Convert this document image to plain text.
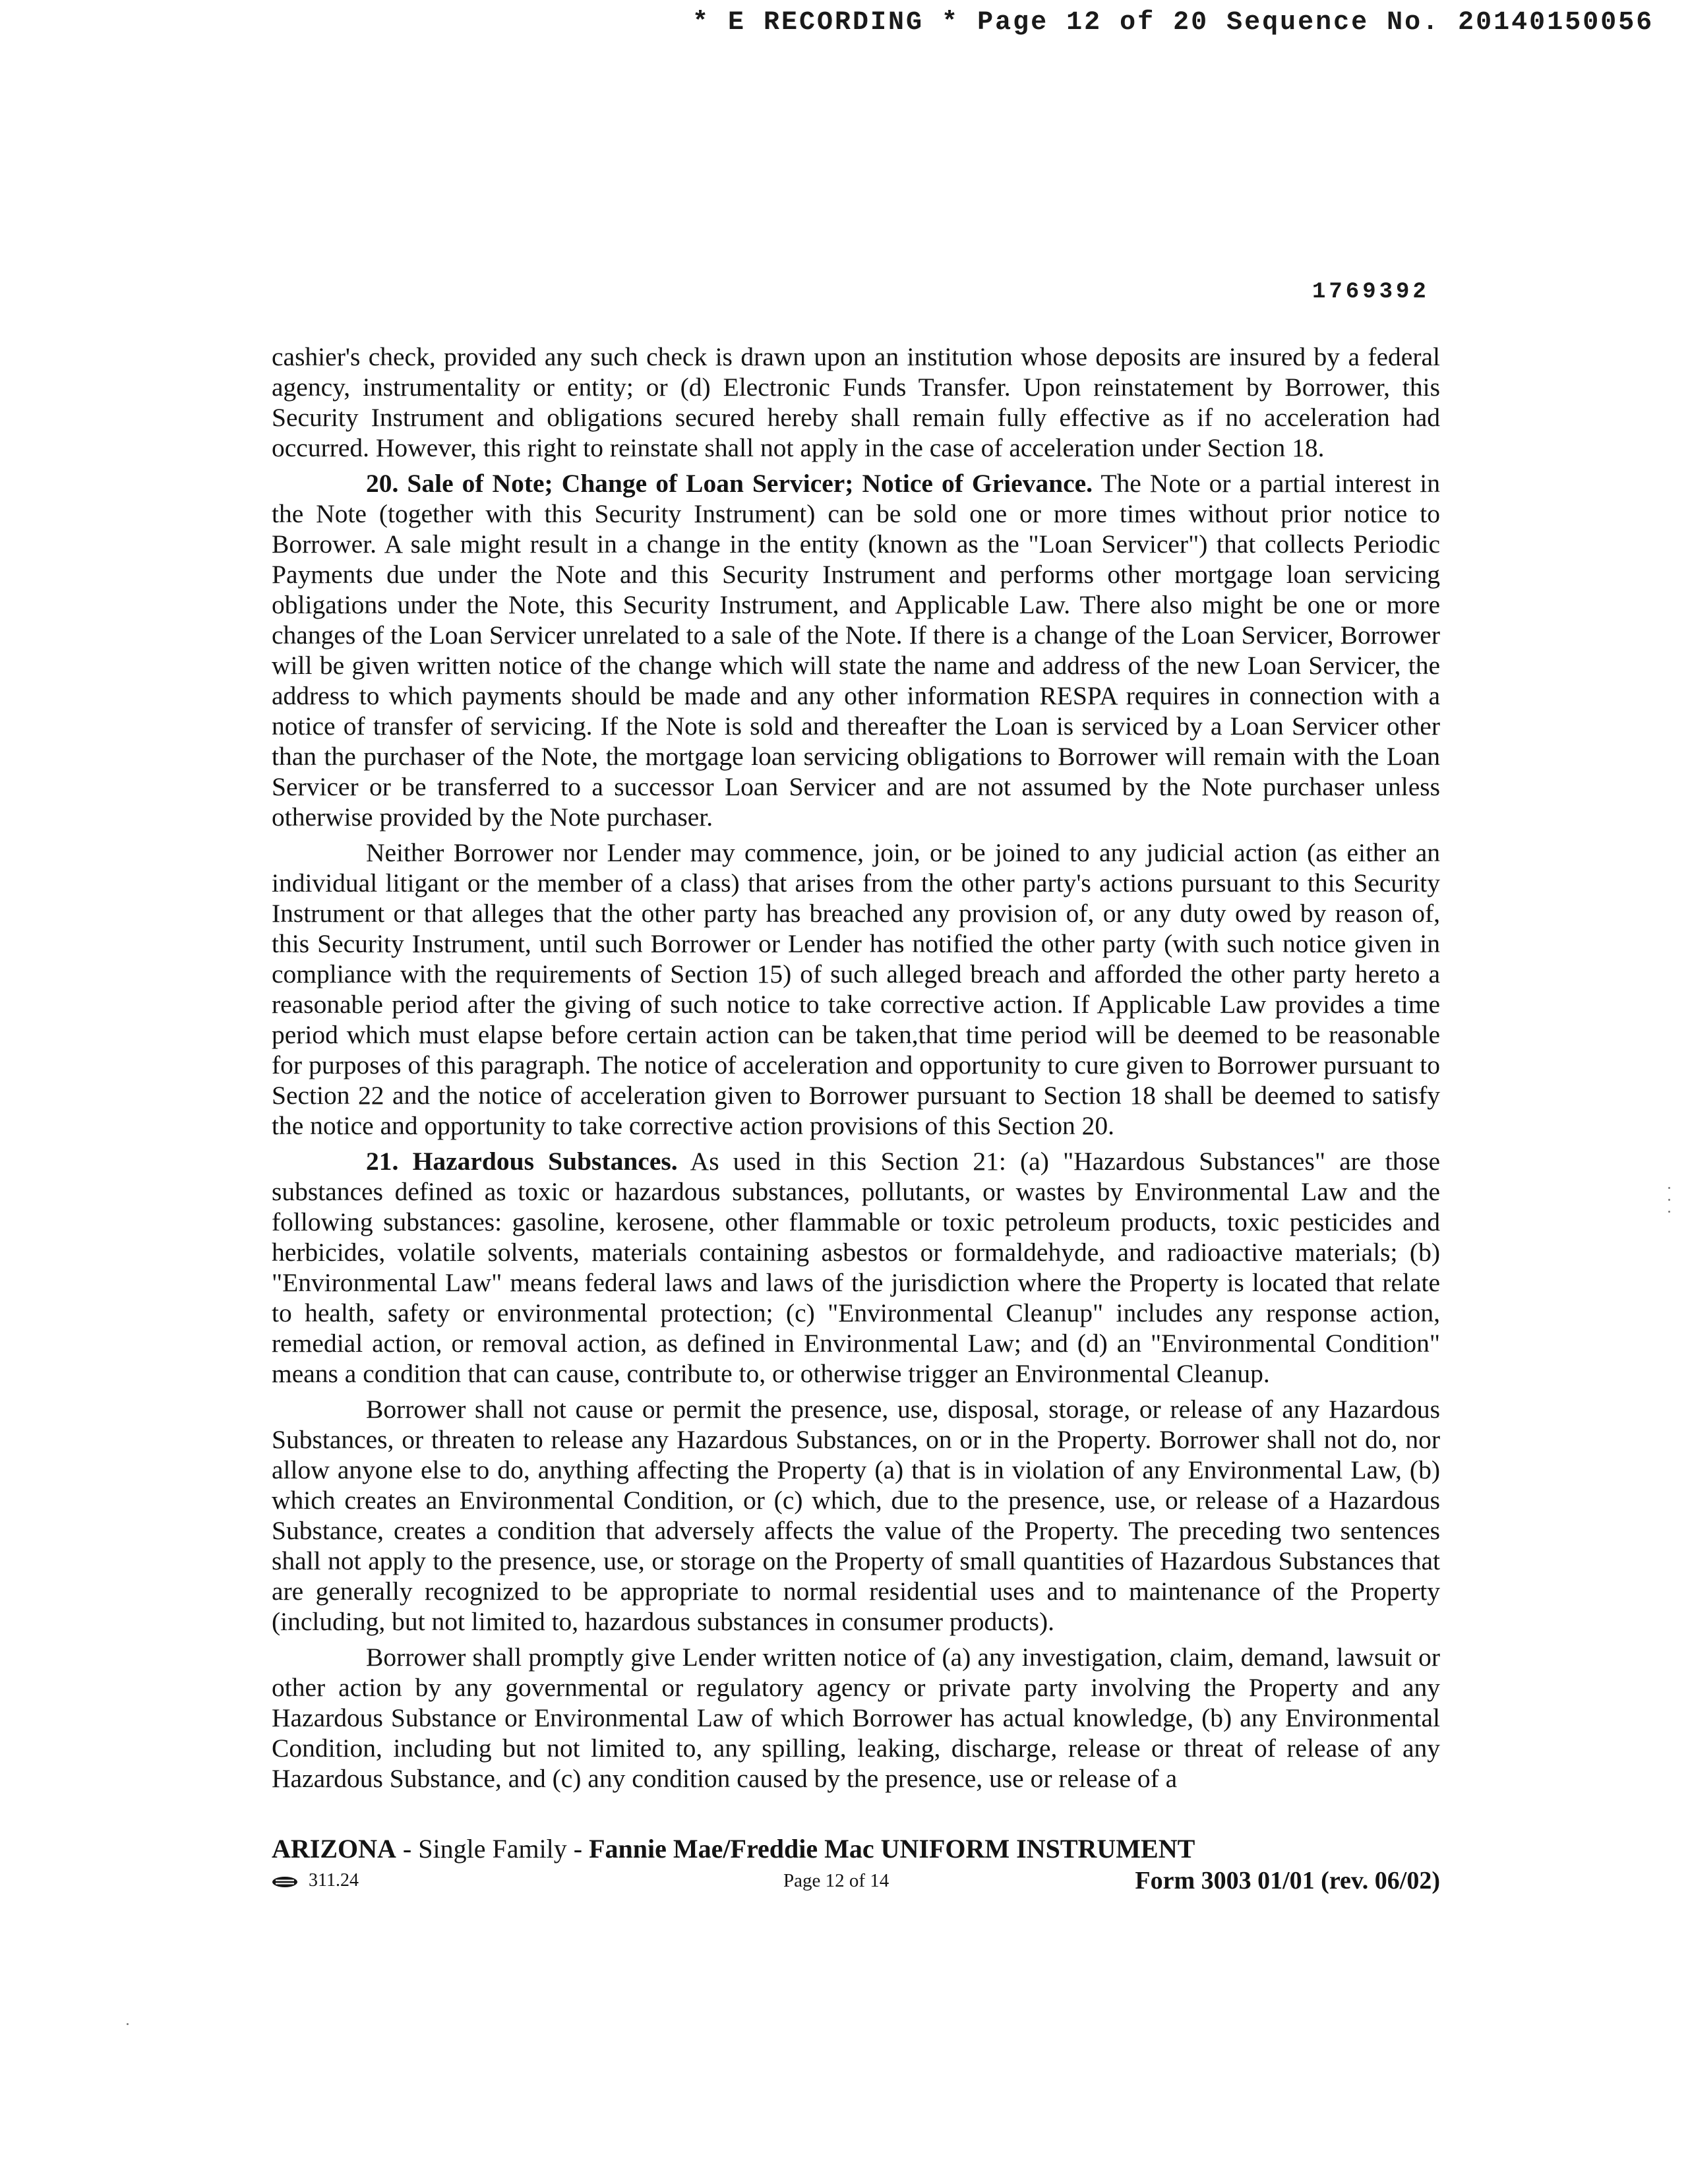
* E RECORDING * Page 12 of 20 Sequence No. 20140150056
1769392

cashier's check, provided any such check is drawn upon an institution whose deposits are insured by a federal agency, instrumentality or entity; or (d) Electronic Funds Transfer. Upon reinstatement by Borrower, this Security Instrument and obligations secured hereby shall remain fully effective as if no acceleration had occurred. However, this right to reinstate shall not apply in the case of acceleration under Section 18.

20. Sale of Note; Change of Loan Servicer; Notice of Grievance. The Note or a partial interest in the Note (together with this Security Instrument) can be sold one or more times without prior notice to Borrower. A sale might result in a change in the entity (known as the "Loan Servicer") that collects Periodic Payments due under the Note and this Security Instrument and performs other mortgage loan servicing obligations under the Note, this Security Instrument, and Applicable Law. There also might be one or more changes of the Loan Servicer unrelated to a sale of the Note. If there is a change of the Loan Servicer, Borrower will be given written notice of the change which will state the name and address of the new Loan Servicer, the address to which payments should be made and any other information RESPA requires in connection with a notice of transfer of servicing. If the Note is sold and thereafter the Loan is serviced by a Loan Servicer other than the purchaser of the Note, the mortgage loan servicing obligations to Borrower will remain with the Loan Servicer or be transferred to a successor Loan Servicer and are not assumed by the Note purchaser unless otherwise provided by the Note purchaser.

Neither Borrower nor Lender may commence, join, or be joined to any judicial action (as either an individual litigant or the member of a class) that arises from the other party's actions pursuant to this Security Instrument or that alleges that the other party has breached any provision of, or any duty owed by reason of, this Security Instrument, until such Borrower or Lender has notified the other party (with such notice given in compliance with the requirements of Section 15) of such alleged breach and afforded the other party hereto a reasonable period after the giving of such notice to take corrective action. If Applicable Law provides a time period which must elapse before certain action can be taken,that time period will be deemed to be reasonable for purposes of this paragraph. The notice of acceleration and opportunity to cure given to Borrower pursuant to Section 22 and the notice of acceleration given to Borrower pursuant to Section 18 shall be deemed to satisfy the notice and opportunity to take corrective action provisions of this Section 20.

21. Hazardous Substances. As used in this Section 21: (a) "Hazardous Substances" are those substances defined as toxic or hazardous substances, pollutants, or wastes by Environmental Law and the following substances: gasoline, kerosene, other flammable or toxic petroleum products, toxic pesticides and herbicides, volatile solvents, materials containing asbestos or formaldehyde, and radioactive materials; (b) "Environmental Law" means federal laws and laws of the jurisdiction where the Property is located that relate to health, safety or environmental protection; (c) "Environmental Cleanup" includes any response action, remedial action, or removal action, as defined in Environmental Law; and (d) an "Environmental Condition" means a condition that can cause, contribute to, or otherwise trigger an Environmental Cleanup.

Borrower shall not cause or permit the presence, use, disposal, storage, or release of any Hazardous Substances, or threaten to release any Hazardous Substances, on or in the Property. Borrower shall not do, nor allow anyone else to do, anything affecting the Property (a) that is in violation of any Environmental Law, (b) which creates an Environmental Condition, or (c) which, due to the presence, use, or release of a Hazardous Substance, creates a condition that adversely affects the value of the Property. The preceding two sentences shall not apply to the presence, use, or storage on the Property of small quantities of Hazardous Substances that are generally recognized to be appropriate to normal residential uses and to maintenance of the Property (including, but not limited to, hazardous substances in consumer products).

Borrower shall promptly give Lender written notice of (a) any investigation, claim, demand, lawsuit or other action by any governmental or regulatory agency or private party involving the Property and any Hazardous Substance or Environmental Law of which Borrower has actual knowledge, (b) any Environmental Condition, including but not limited to, any spilling, leaking, discharge, release or threat of release of any Hazardous Substance, and (c) any condition caused by the presence, use or release of a

ARIZONA - Single Family - Fannie Mae/Freddie Mac UNIFORM INSTRUMENT
311.24	Page 12 of 14	Form 3003 01/01 (rev. 06/02)
